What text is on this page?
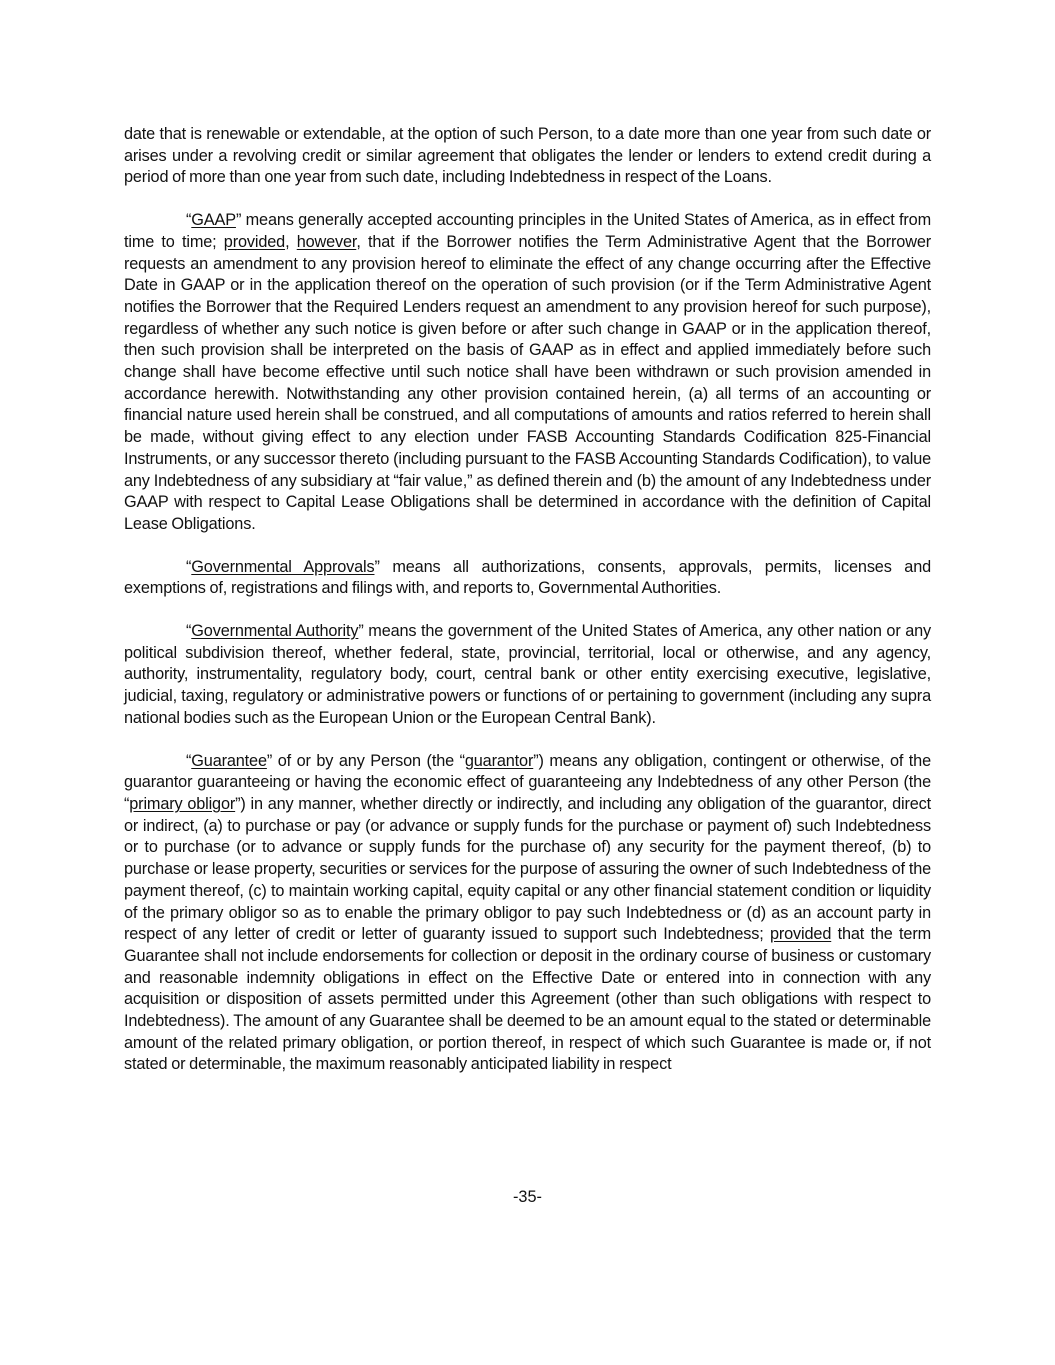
date that is renewable or extendable, at the option of such Person, to a date more than one year from such date or arises under a revolving credit or similar agreement that obligates the lender or lenders to extend credit during a period of more than one year from such date, including Indebtedness in respect of the Loans.

“GAAP” means generally accepted accounting principles in the United States of America, as in effect from time to time; provided, however, that if the Borrower notifies the Term Administrative Agent that the Borrower requests an amendment to any provision hereof to eliminate the effect of any change occurring after the Effective Date in GAAP or in the application thereof on the operation of such provision (or if the Term Administrative Agent notifies the Borrower that the Required Lenders request an amendment to any provision hereof for such purpose), regardless of whether any such notice is given before or after such change in GAAP or in the application thereof, then such provision shall be interpreted on the basis of GAAP as in effect and applied immediately before such change shall have become effective until such notice shall have been withdrawn or such provision amended in accordance herewith. Notwithstanding any other provision contained herein, (a) all terms of an accounting or financial nature used herein shall be construed, and all computations of amounts and ratios referred to herein shall be made, without giving effect to any election under FASB Accounting Standards Codification 825-Financial Instruments, or any successor thereto (including pursuant to the FASB Accounting Standards Codification), to value any Indebtedness of any subsidiary at “fair value,” as defined therein and (b) the amount of any Indebtedness under GAAP with respect to Capital Lease Obligations shall be determined in accordance with the definition of Capital Lease Obligations.

“Governmental Approvals” means all authorizations, consents, approvals, permits, licenses and exemptions of, registrations and filings with, and reports to, Governmental Authorities.

“Governmental Authority” means the government of the United States of America, any other nation or any political subdivision thereof, whether federal, state, provincial, territorial, local or otherwise, and any agency, authority, instrumentality, regulatory body, court, central bank or other entity exercising executive, legislative, judicial, taxing, regulatory or administrative powers or functions of or pertaining to government (including any supra national bodies such as the European Union or the European Central Bank).

“Guarantee” of or by any Person (the “guarantor”) means any obligation, contingent or otherwise, of the guarantor guaranteeing or having the economic effect of guaranteeing any Indebtedness of any other Person (the “primary obligor”) in any manner, whether directly or indirectly, and including any obligation of the guarantor, direct or indirect, (a) to purchase or pay (or advance or supply funds for the purchase or payment of) such Indebtedness or to purchase (or to advance or supply funds for the purchase of) any security for the payment thereof, (b) to purchase or lease property, securities or services for the purpose of assuring the owner of such Indebtedness of the payment thereof, (c) to maintain working capital, equity capital or any other financial statement condition or liquidity of the primary obligor so as to enable the primary obligor to pay such Indebtedness or (d) as an account party in respect of any letter of credit or letter of guaranty issued to support such Indebtedness; provided that the term Guarantee shall not include endorsements for collection or deposit in the ordinary course of business or customary and reasonable indemnity obligations in effect on the Effective Date or entered into in connection with any acquisition or disposition of assets permitted under this Agreement (other than such obligations with respect to Indebtedness). The amount of any Guarantee shall be deemed to be an amount equal to the stated or determinable amount of the related primary obligation, or portion thereof, in respect of which such Guarantee is made or, if not stated or determinable, the maximum reasonably anticipated liability in respect

-35-
